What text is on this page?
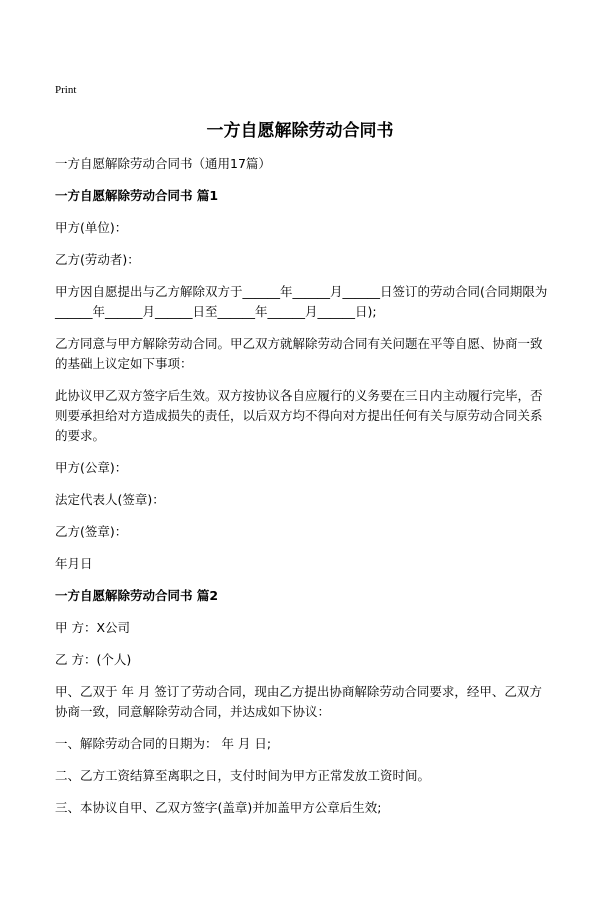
Print
一方自愿解除劳动合同书

一方自愿解除劳动合同书（通用17篇）

一方自愿解除劳动合同书 篇1

甲方(单位)：

乙方(劳动者)：

甲方因自愿提出与乙方解除双方于______年______月______日签订的劳动合同(合同期限为______年______月______日至______年______月______日);

乙方同意与甲方解除劳动合同。甲乙双方就解除劳动合同有关问题在平等自愿、协商一致的基础上议定如下事项：

此协议甲乙双方签字后生效。双方按协议各自应履行的义务要在三日内主动履行完毕，否则要承担给对方造成损失的责任，以后双方均不得向对方提出任何有关与原劳动合同关系的要求。

甲方(公章)：

法定代表人(签章)：

乙方(签章)：

年月日

一方自愿解除劳动合同书 篇2

甲 方：X公司

乙 方：(个人)

甲、乙双于 年 月 签订了劳动合同，现由乙方提出协商解除劳动合同要求，经甲、乙双方协商一致，同意解除劳动合同，并达成如下协议：

一、解除劳动合同的日期为： 年 月 日;

二、乙方工资结算至离职之日，支付时间为甲方正常发放工资时间。

三、本协议自甲、乙双方签字(盖章)并加盖甲方公章后生效;
